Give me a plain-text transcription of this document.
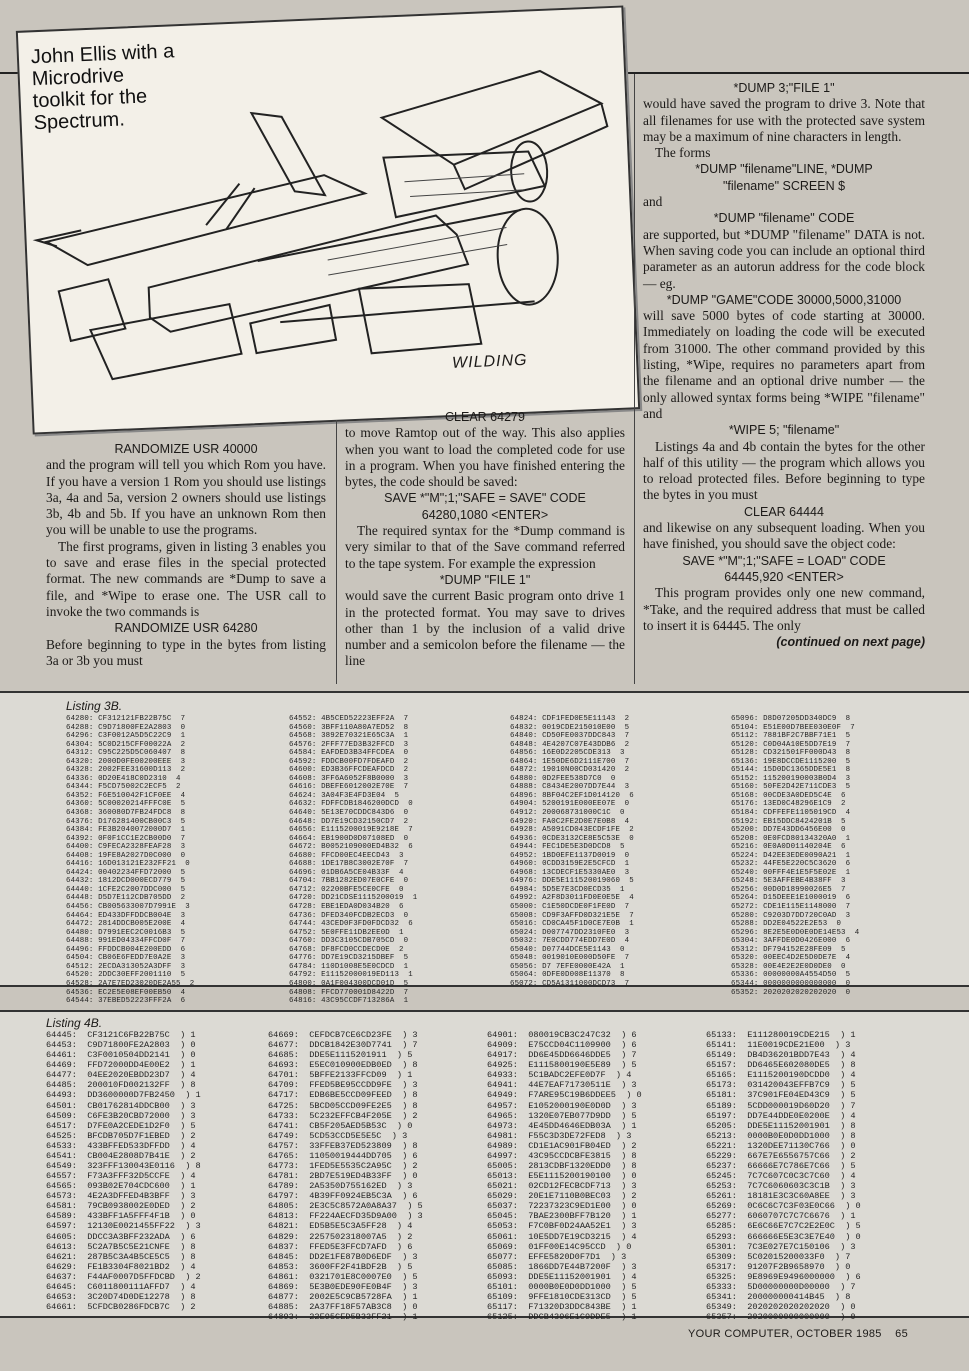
John Ellis with a
Microdrive
toolkit for the
Spectrum.
WILDING

RANDOMIZE USR 40000

and the program will tell you which Rom you have. If you have a version 1 Rom you should use listings 3a, 4a and 5a, version 2 owners should use listings 3b, 4b and 5b. If you have an unknown Rom then you will be unable to use the programs.

The first programs, given in listing 3 enables you to save and erase files in the special protected format. The new commands are *Dump to save a file, and *Wipe to erase one. The USR call to invoke the two commands is

RANDOMIZE USR 64280

Before beginning to type in the bytes from listing 3a or 3b you must

CLEAR 64279

to move Ramtop out of the way. This also applies when you want to load the completed code for use in a program. When you have finished entering the bytes, the code should be saved:

SAVE *"M";1;"SAFE = SAVE" CODE

64280,1080 <ENTER>

The required syntax for the *Dump command is very similar to that of the Save command referred to the tape system. For example the expression

*DUMP "FILE 1"

would save the current Basic program onto drive 1 in the protected format. You may save to drives other than 1 by the inclusion of a valid drive number and a semicolon before the filename — the line

*DUMP 3;"FILE 1"

would have saved the program to drive 3. Note that all filenames for use with the protected save system may be a maximum of nine characters in length.

The forms

*DUMP "filename"LINE, *DUMP

"filename" SCREEN $

and

*DUMP "filename" CODE

are supported, but *DUMP "filename" DATA is not. When saving code you can include an optional third parameter as an autorun address for the code block — eg.

*DUMP "GAME"CODE 30000,5000,31000

will save 5000 bytes of code starting at 30000. Immediately on loading the code will be executed from 31000. The other command provided by this listing, *Wipe, requires no parameters apart from the filename and an optional drive number — the only allowed syntax forms being *WIPE "filename" and

*WIPE 5; "filename"

Listings 4a and 4b contain the bytes for the other half of this utility — the program which allows you to reload protected files. Before beginning to type the bytes in you must

CLEAR 64444

and likewise on any subsequent loading. When you have finished, you should save the object code:

SAVE *"M";1;"SAFE = LOAD" CODE

64445,920 <ENTER>

This program provides only one new command, *Take, and the required address that must be called to insert it is 64445. The only

(continued on next page)

Listing 3B.
64280: CF312121FB22B75C  7
64288: C9D71800FE2A2803  0
64296: C3F0012A5D5C22C9  1
64304: 5C0D215CFF00022A  2
64312: C95C225D5C060407  8
64320: 2000D0FE00200EEE  3
64328: 2002FEE31600D113  2
64336: 0D20E418C0D2310  4
64344: F5CD75002C2ECF5  2
64352: F6E510042F1CF0EE  4
64360: 5C00020214FFFC0E  5
64368: 360080D7FB24FDC8  8
64376: D176281400CB00C3  5
64384: FE3B2040072000D7  1
64392: 0F0F1CC1E2CB00D0  7
64400: C9FECA2328FEAF28  3
64408: 19FE8A2027D0C000  0
64416: 16D013121E232FF21  0
64424: 00402234FFD72000  5
64432: 1812DCD000ECD779  5
64440: 1CFE2C2007DDC000  5
64448: D5D7E112CDB705DD  2
64456: CB005633007D7991E  3
64464: ED433DFFDDCB004E  3
64472: 2814DDCB005E200E  4
64480: D7991EEC2C0016B3  5
64488: 991ED04334FFCD0F  7
64496: FFDDCB004E200EDD  6
64504: CB06E6FEDD7E0A2E  3
64512: 2ECDA313052A3DFF  3
64520: 2DDC30EFF2001110  5
64528: 2A7E7ED23020DE2A55  2
64536: EC2E5E08EF00EB50  4
64544: 37EBED52223FFF2A  6
64552: 4B5CED52223EFF2A  7
64560: 3BFF110A80A7ED52  8
64568: 3892E70321E65C3A  1
64576: 2FFF77ED3B32FFCD  3
64584: EAFDED3B34FFCDEA  0
64592: FDDCB00FD7FDEAFD  2
64600: ED3B36FFCDEAFDCD  2
64608: 3FF6A6052F8B0000  3
64616: DBEFE6012002E70E  7
64624: 3A04F3E4FD3E04  5
64632: FDFFCDB1846200DCD  0
64640: 5E13E70CDDC843D6  0
64648: DD7E19CD32150CD7  2
64656: E1115200019E9218E  7
64664: EB1900D0D07108ED  0
64672: B0052109000ED4B32  6
64680: FFCD00EC4EECD43  3
64688: 1DE17B8C3002E70F  7
64696: 01DB6A5CE04B33F  4
64704: 7BB1282ED07E0CFE  0
64712: 02200BFE5CE0CFE  0
64720: DD21CDSE1115200019  1
64728: EBE1EDA0D034B20  6
64736: DFED340FCDB2ECD3  0
64744: 43CED0F3FD0FDCD32  6
64752: 5E0FFE11DB2EE0D  1
64760: DD3C3105CDB705CD  0
64768: DF8FCD0CCDECD0E  2
64776: DD7E19CD3215DBEF  5
64784: 110D1008E5E0CDCD  1
64792: E11152000019ED113  1
64800: 0A1F004300DCD01D  5
64808: FFCD770001D8422D  7
64816: 43C95CCDF713286A  1
64824: CDF1FED0E5E11143  2
64832: 0019CDE215010E00  5
64840: CD50FE0037DDC843  7
64848: 4E4207C07E43DDB6  2
64856: 16E0D2205CDE313  3
64864: 1E50DE6D2111E700  7
64872: 19010N00CD031420  2
64880: 0D2FEE538D7C0  0
64888: C8434E2007DD7E44  3
64896: 8BF04C2EF1D014120  6
64904: 5200191E000EE07E  0
64912: 200068731000C1C  0
64920: FA0C2FE2D0E7E0B8  4
64928: A5091CD043ECDF1FE  2
64936: 0CDE3132CE8E5C53E  0
64944: FEC1DE5E3D0DCD8  5
64952: 1BD0EFE1137D0019  0
64960: 0CDD3159E2E5CFCD  1
64968: 13CDECF1E5330AE0  3
64976: DDE5E111520019060  5
64984: 5D5E7E3CD0ECD35  1
64992: A2F8D3011FD0E0E5E  4
65000: C1E50DCDE0F1FE0D  7
65008: CD9F3AFFD0D321E5E  7
65016: CD0CA45F1D0CE7E0B  1
65024: D007747DD2310FE0  3
65032: 7E0CDD774EDD7E0D  4
65040: D07744DCE5E1143  0
65048: 0019010E000D50FE  7
65056: D7 7EFE0000E42A  1
65064: 0DFE0D008E11370  8
65072: CD5A1311000DCD73  7
65096: D8D07205DD340DC9  8
65104: E51E00D7BEE030E0F  7
65112: 7881BF2C7BBF71E1  5
65120: C0D04A10E5DD7E19  7
65128: CD321501FF000D43  8
65136: 19E8DCCDE1115200  5
65144: 15D0DC1365DDE5E1  8
65152: 115200190003B0D4  3
65160: 50FE2D42E711CDE3  5
65168: 00CDE3A0DED5C4E  6
65176: 13ED0C48296E1C9  2
65184: CDFFEFE1105019CD  4
65192: EB15DDC8424201B  5
65200: DD7E43DD6456E00  0
65208: 0E0FCD80134320A0  1
65216: 0E0A0D01140204E  6
65224: D42EE3EDE0090A21  1
65232: 44FE5E220C5C3620  6
65240: 00FFF4E1E5F5E02E  1
65248: 5E3AFFEBE4B38FF  3
65256: 00D0D18990026E5  7
65264: D15DEEE1E1000019  6
65272: CDE1E115E1148000  7
65280: C9203D7DD720C0AD  3
65288: DD2E04522E2E53  0
65296: 8E2E5E0D0E0DE14E53  4
65304: 3AFFDE0D0426E000  6
65312: DF794152E28FE09  5
65320: 00EEC4D2E5D0DE7E  4
65328: 00E4E2E2E0D0DE0  0
65336: 00000000A4554D50  5
65344: 0000000000000000  0
65352: 2020202020202020  0
Listing 4B.
64445:  CF3121C6FB22B75C  ) 1
64453:  C9D71800FE2A2803  ) 0
64461:  C3F0010504DD2141  ) 0
64469:  FFD72000DD4E00E2  ) 1
64477:  04EE2020EBDD23D7  ) 4
64485:  200010FD002132FF  ) 8
64493:  DD3600000D7FB2450  ) 1
64501:  CB01762814DDCB00  ) 3
64509:  C6FE3B20CBD72000  ) 3
64517:  D7FE0A2CEDE1D2F0  ) 5
64525:  BFCDB705D7F1EBED  ) 2
64533:  433BFFED533DFFDD  ) 4
64541:  CB004E2808D7B41E  ) 2
64549:  323FFF130043E0116  ) 8
64557:  F73A3FFF32D5CCFE  ) 4
64565:  093B02E704CDC600  ) 1
64573:  4E2A3DFFED4B3BFF  ) 3
64581:  79CB0938002E0DED  ) 2
64589:  433BFF1A5FFF4F1B  ) 0
64597:  12130E0021455FF22  ) 3
64605:  DDCC3A3BFF232ADA  ) 6
64613:  5C2A7B5C5E21CNFE  ) 8
64621:  287B5C3A4B5CE5C5  ) 8
64629:  FE1B3304F8021BD2  ) 4
64637:  F44AF0007D5FFDCBD  ) 2
64645:  C6011800111AFFD7  ) 4
64653:  3C20D74D0DE12278  ) 8
64661:  5CFDCB0286FDCB7C  ) 2
64669:  CEFDCB7CE6CD23FE  ) 3
64677:  DDCB1842E30D7741  ) 7
64685:  DDE5E1115201911  ) 5
64693:  E5EC010900EDB0ED  ) 8
64701:  5BFFE2133FFCD09  ) 1
64709:  FFED5BE95CCDD9FE  ) 3
64717:  EDB6BE5CCD09FEED  ) 8
64725:  5BCD05CCD09FE2E5  ) 8
64733:  5C232EFFCB4F205E  ) 2
64741:  CB5F205AED5B53C  ) 0
64749:  5CD53CCD5E5E5C  ) 3
64757:  33FFEB37ED523809  ) 8
64765:  11050019444DD705  ) 6
64773:  1FED5E5535C2A95C  ) 2
64781:  2BD7E519ED4B33FF  ) 0
64789:  2A5350D755162ED  ) 3
64797:  4B39FF0924EB5C3A  ) 6
64805:  2E3C5C8572A0A8A37  ) 5
64813:  FF224AECFD35D9A00  ) 3
64821:  ED5B5E5C3A5FF28  ) 4
64829:  2257502318007A5  ) 2
64837:  FFED5E3FFCD7AFD  ) 6
64845:  DD2E1FE87B0D6EDF  ) 3
64853:  3600FF2F41BDF2B  ) 5
64861:  0321701E8C0007E0  ) 5
64869:  5E3B0EDE90FE0B4F  ) 3
64877:  2002E5C9CB5728FA  ) 1
64885:  2A37FF18F57AB3C8  ) 0
64893:  22E95CED5B33FF21  ) 1
64901:  080019CB3C247C32  ) 6
64909:  E75CCD04C1109900  ) 6
64917:  DD6E45DD6646DDE5  ) 7
64925:  E1115800190E5E89  ) 5
64933:  5C1BADC2EFE0D7F  ) 4
64941:  44E7EAF71730511E  ) 3
64949:  F7ARE95C19B6DDEE5  ) 0
64957:  E1052000190E0D0D  ) 3
64965:  1320E07EB077D9DD  ) 5
64973:  4E45DD4646EDB03A  ) 1
64981:  F55C3D3DE72FED8  ) 3
64989:  CD1E1AC901FB04ED  ) 2
64997:  43C95CCDCBFE3815  ) 8
65005:  2813CDBF1320EDD0  ) 8
65013:  E5E1115200190100  ) 0
65021:  02CD12FECBCDF713  ) 3
65029:  20E1E7110B0BEC03  ) 2
65037:  72237323C9ED1E00  ) 0
65045:  7BAE2300BFF7B120  ) 1
65053:  F7C0BF0D24AA52E1  ) 3
65061:  10E5DD7E19CD3215  ) 4
65069:  01FF00E14C95CCD  ) 0
65077:  EFFE5820D0F7D1  ) 3
65085:  1866DD7E44B7200F  ) 3
65093:  DDE5E11152001901  ) 4
65101:  0000B0E0D0DD1000  ) 5
65109:  9FFE1810CDE313CD  ) 5
65117:  F71320D3DDC843BE  ) 1
65125:  DDCB4396E1C9DDE5  ) 1
65133:  E111280019CDE215  ) 1
65141:  11E0019CDE21E00  ) 3
65149:  DB4D36201BDD7E43  ) 4
65157:  DD6465E602080DE5  ) 8
65165:  E1115200190DCDD0  ) 4
65173:  031420043EFFB7C9  ) 5
65181:  37C901FE04ED43C9  ) 5
65189:  5CDD000019D60D20  ) 7
65197:  DD7E44DDE0E0200E  ) 4
65205:  DDE5E11152001901  ) 8
65213:  0000B0E0D0DD1000  ) 8
65221:  1320DEE71130C766  ) 0
65229:  667E7E6556757C66  ) 2
65237:  66666E7C786E7C66  ) 5
65245:  7C7C607C0C3C7C60  ) 4
65253:  7C7C6060603C3C1B  ) 3
65261:  18181E3C3C60A8EE  ) 3
65269:  0C6C6C7C3F03E0C66  ) 0
65277:  6060707C7C7C6676  ) 1
65285:  6E6C66E7C7C2E2E0C  ) 5
65293:  666666E5E3C3E7E40  ) 0
65301:  7C3E027E7C150106  ) 3
65309:  5C02015200033F0  ) 7
65317:  91207F2B9658970  ) 0
65325:  9E8969E9496000000  ) 6
65333:  5D00000000D00000  ) 7
65341:  200000000414B45  ) 8
65349:  2020202020202020  ) 0
65357:  2020000000000000  ) 0
YOUR COMPUTER, OCTOBER 1985 65
